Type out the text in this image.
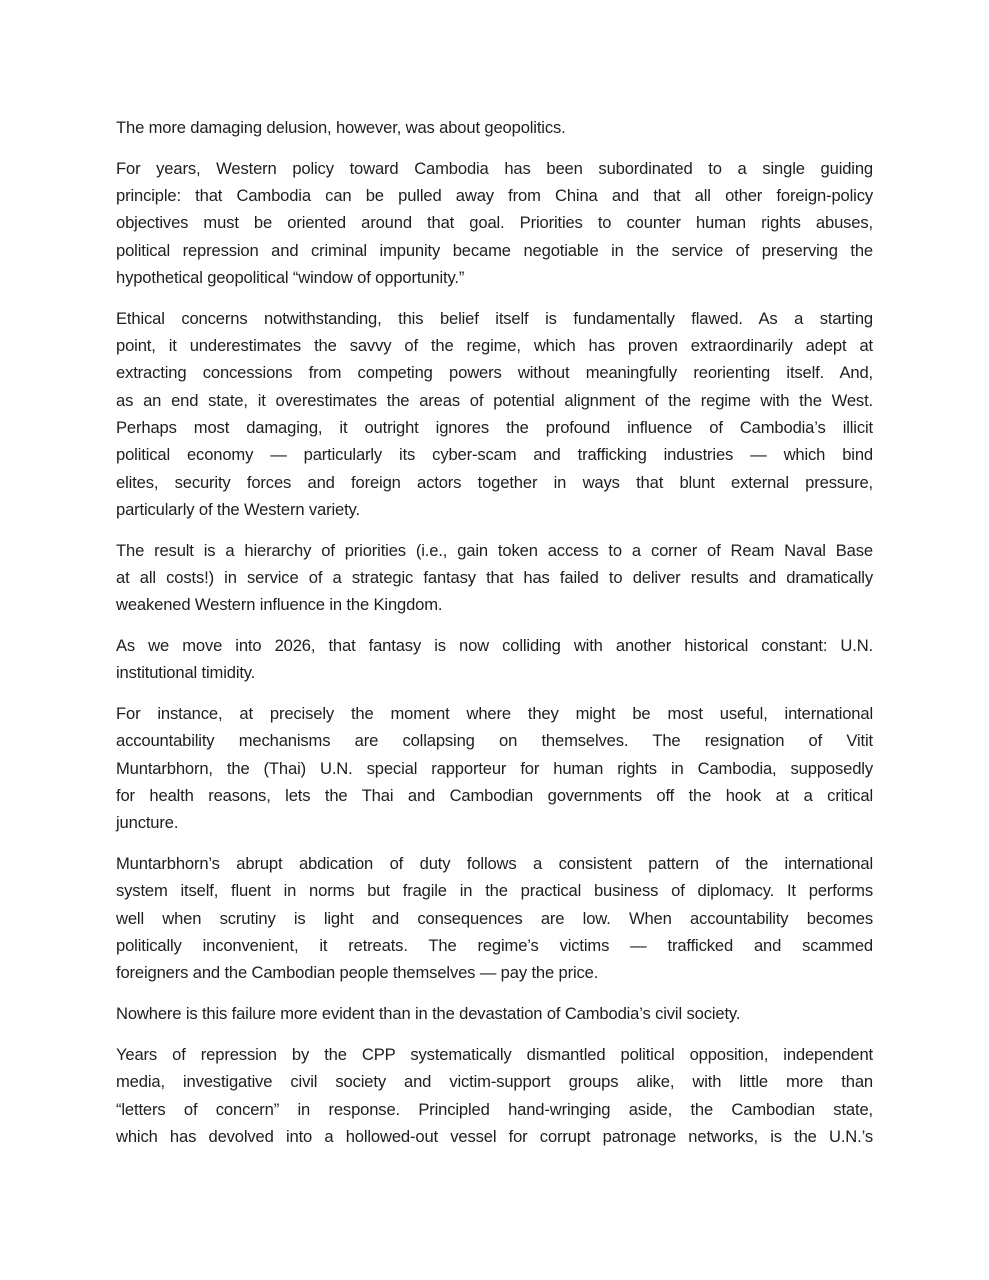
The more damaging delusion, however, was about geopolitics.
For years, Western policy toward Cambodia has been subordinated to a single guiding
principle: that Cambodia can be pulled away from China and that all other foreign-policy
objectives must be oriented around that goal. Priorities to counter human rights abuses,
political repression and criminal impunity became negotiable in the service of preserving the
hypothetical geopolitical “window of opportunity.”
Ethical concerns notwithstanding, this belief itself is fundamentally flawed. As a starting
point, it underestimates the savvy of the regime, which has proven extraordinarily adept at
extracting concessions from competing powers without meaningfully reorienting itself. And,
as an end state, it overestimates the areas of potential alignment of the regime with the West.
Perhaps most damaging, it outright ignores the profound influence of Cambodia’s illicit
political economy — particularly its cyber-scam and trafficking industries — which bind
elites, security forces and foreign actors together in ways that blunt external pressure,
particularly of the Western variety.
The result is a hierarchy of priorities (i.e., gain token access to a corner of Ream Naval Base
at all costs!) in service of a strategic fantasy that has failed to deliver results and dramatically
weakened Western influence in the Kingdom.
As we move into 2026, that fantasy is now colliding with another historical constant: U.N.
institutional timidity.
For instance, at precisely the moment where they might be most useful, international
accountability mechanisms are collapsing on themselves. The resignation of Vitit
Muntarbhorn, the (Thai) U.N. special rapporteur for human rights in Cambodia, supposedly
for health reasons, lets the Thai and Cambodian governments off the hook at a critical
juncture.
Muntarbhorn’s abrupt abdication of duty follows a consistent pattern of the international
system itself, fluent in norms but fragile in the practical business of diplomacy. It performs
well when scrutiny is light and consequences are low. When accountability becomes
politically inconvenient, it retreats. The regime’s victims — trafficked and scammed
foreigners and the Cambodian people themselves — pay the price.
Nowhere is this failure more evident than in the devastation of Cambodia’s civil society.
Years of repression by the CPP systematically dismantled political opposition, independent
media, investigative civil society and victim-support groups alike, with little more than
“letters of concern” in response. Principled hand-wringing aside, the Cambodian state,
which has devolved into a hollowed-out vessel for corrupt patronage networks, is the U.N.’s
